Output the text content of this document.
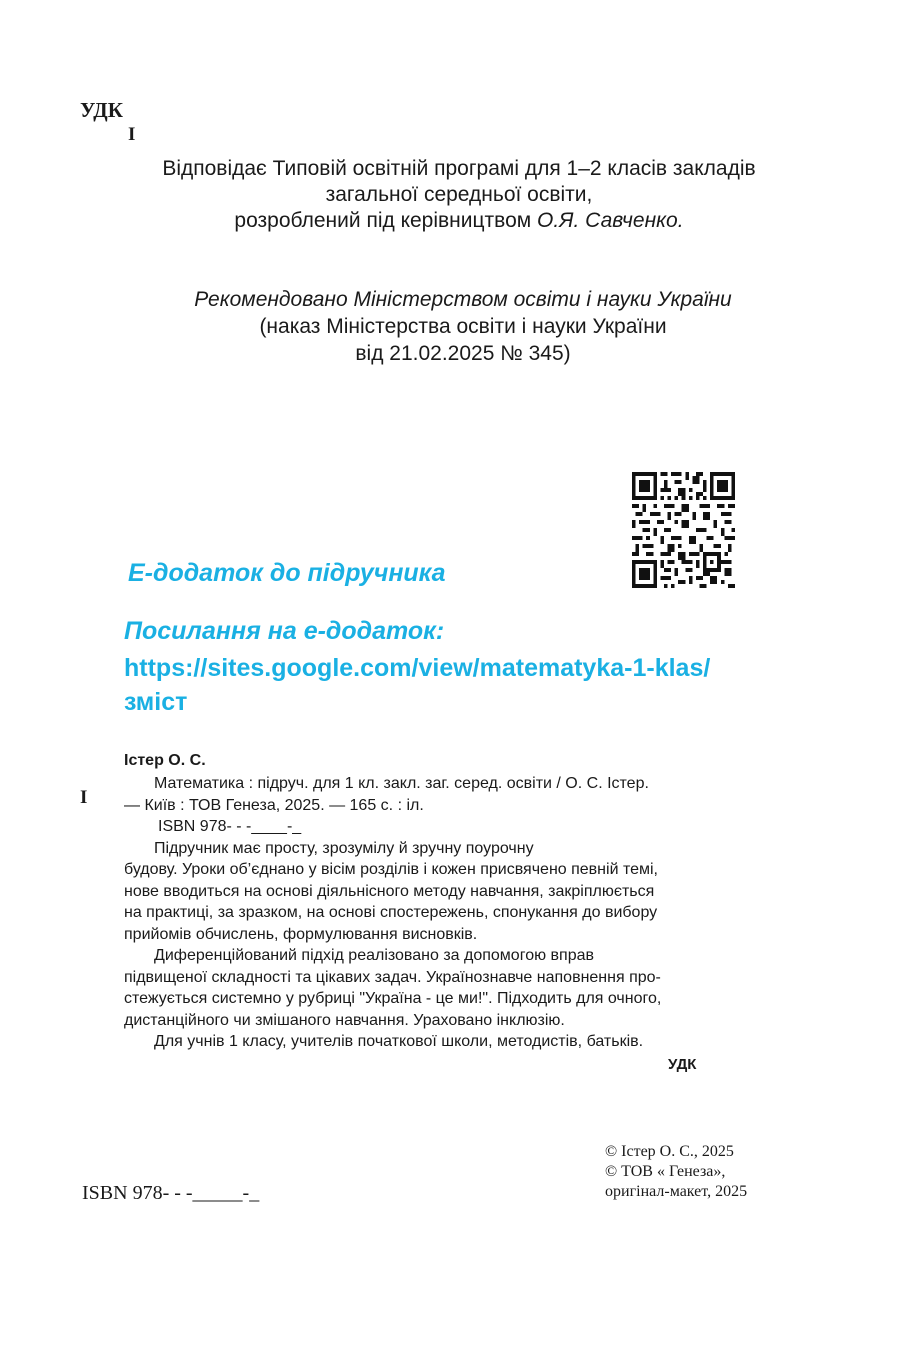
УДК
I
Відповідає Типовій освітній програмі для 1–2 класів закладів
загальної середньої освіти,
розроблений під керівництвом О.Я. Савченко.
Рекомендовано Міністерством освіти і науки України
(наказ Міністерства освіти і науки України
від 21.02.2025 № 345)
Е-додаток до підручника
Посилання на е-додаток:
https://sites.google.com/view/matematyka-1-klas/
зміст
I
Істер О. С.
Математика : підруч. для 1 кл. закл. заг. серед. освіти / О. С. Істер.
— Київ : ТОВ Генеза, 2025. — 165 с. : іл.
ISBN 978- - -____-_
Підручник має просту, зрозумілу й зручну поурочну
будову. Уроки об’єднано у вісім розділів і кожен присвячено певній темі,
нове вводиться на основі діяльнісного методу навчання, закріплюється
на практиці, за зразком, на основі спостережень, спонукання до вибору
прийомів обчислень, формулювання висновків.
Диференційований підхід реалізовано за допомогою вправ
підвищеної складності та цікавих задач. Українознавче наповнення про-
стежується системно у рубриці "Україна - це ми!". Підходить для очного,
дистанційного чи змішаного навчання. Ураховано інклюзію.
Для учнів 1 класу, учителів початкової школи, методистів, батьків.
УДК
ISBN 978- - -_____-_
© Істер О. С., 2025
© ТОВ « Генеза»,
оригінал-макет, 2025
